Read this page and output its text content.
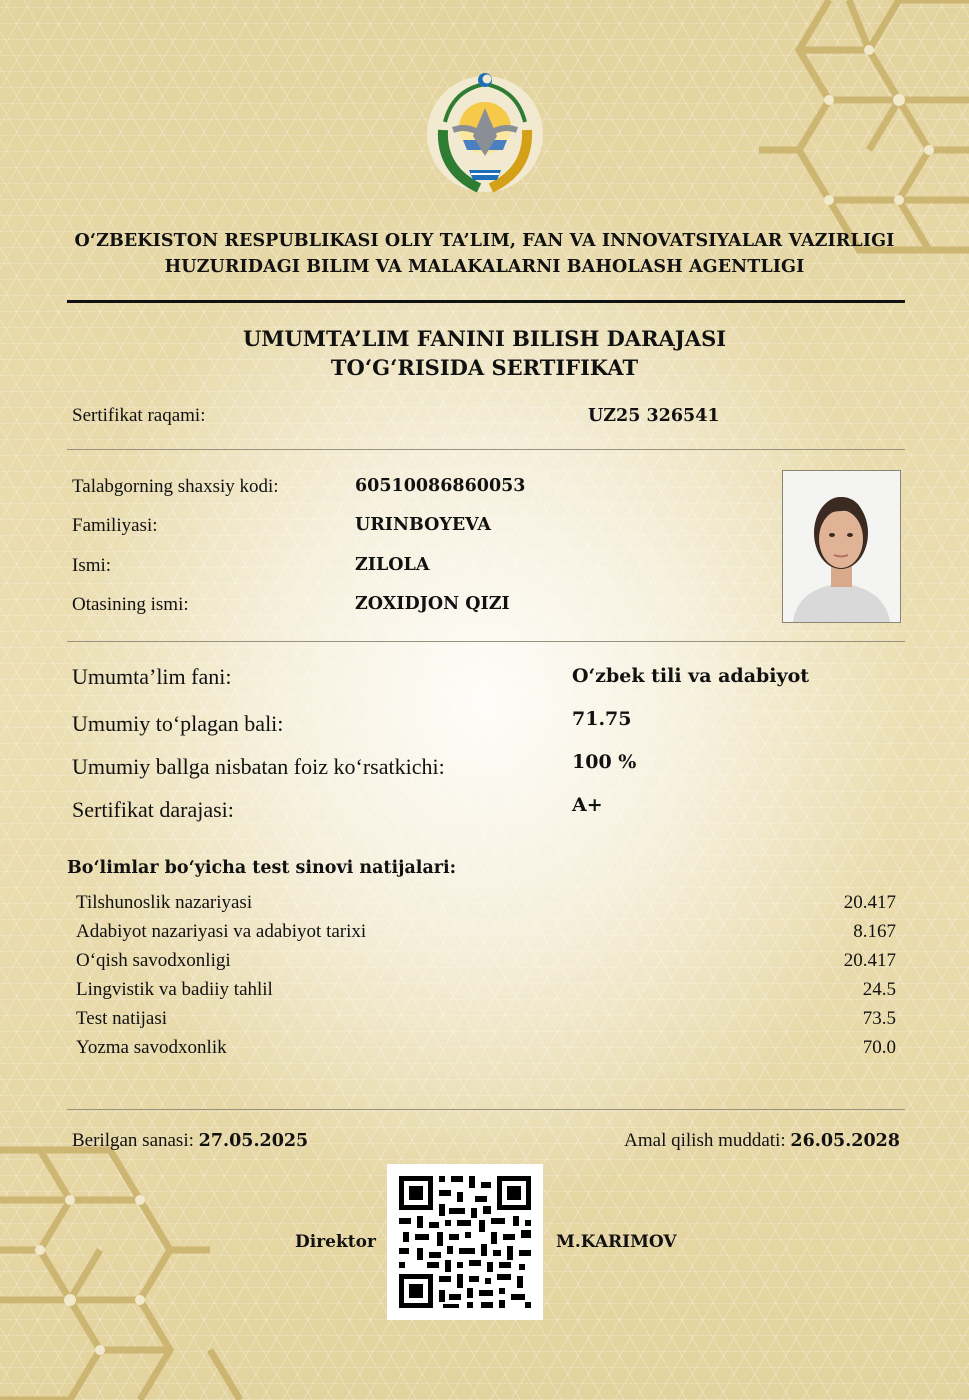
O‘ZBEKISTON RESPUBLIKASI OLIY TA’LIM, FAN VA INNOVATSIYALAR VAZIRLIGI
HUZURIDAGI BILIM VA MALAKALARNI BAHOLASH AGENTLIGI
UMUMTA’LIM FANINI BILISH DARAJASI
TO‘G‘RISIDA SERTIFIKAT
Sertifikat raqami:	UZ25 326541
Talabgorning shaxsiy kodi:	60510086860053
Familiyasi:	URINBOYEVA
Ismi:	ZILOLA
Otasining ismi:	ZOXIDJON QIZI
Umumta’lim fani:	O‘zbek tili va adabiyot
Umumiy to‘plagan bali:	71.75
Umumiy ballga nisbatan foiz ko‘rsatkichi:	100 %
Sertifikat darajasi:	A+
Bo‘limlar bo‘yicha test sinovi natijalari:
Tilshunoslik nazariyasi	20.417
Adabiyot nazariyasi va adabiyot tarixi	8.167
O‘qish savodxonligi	20.417
Lingvistik va badiiy tahlil	24.5
Test natijasi	73.5
Yozma savodxonlik	70.0
Berilgan sanasi: 27.05.2025	Amal qilish muddati: 26.05.2028
Direktor	M.KARIMOV
